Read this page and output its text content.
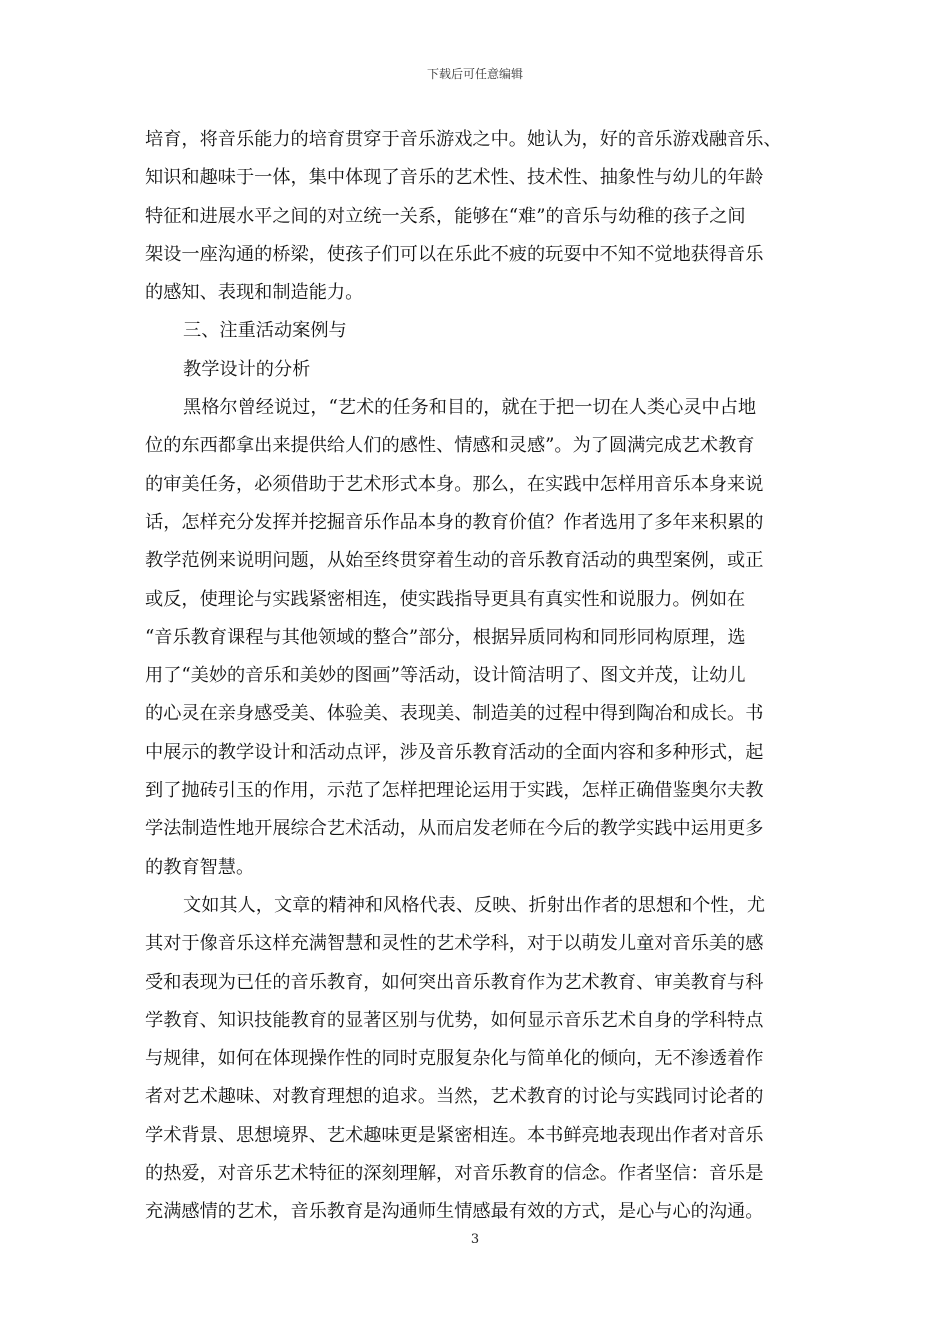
下载后可任意编辑
培育，将音乐能力的培育贯穿于音乐游戏之中。她认为，好的音乐游戏融音乐、
知识和趣味于一体，集中体现了音乐的艺术性、技术性、抽象性与幼儿的年龄
特征和进展水平之间的对立统一关系，能够在“难”的音乐与幼稚的孩子之间
架设一座沟通的桥梁，使孩子们可以在乐此不疲的玩耍中不知不觉地获得音乐
的感知、表现和制造能力。
三、注重活动案例与
教学设计的分析
黑格尔曾经说过，“艺术的任务和目的，就在于把一切在人类心灵中占地
位的东西都拿出来提供给人们的感性、情感和灵感”。为了圆满完成艺术教育
的审美任务，必须借助于艺术形式本身。那么，在实践中怎样用音乐本身来说
话，怎样充分发挥并挖掘音乐作品本身的教育价值？作者选用了多年来积累的
教学范例来说明问题，从始至终贯穿着生动的音乐教育活动的典型案例，或正
或反，使理论与实践紧密相连，使实践指导更具有真实性和说服力。例如在
“音乐教育课程与其他领域的整合”部分，根据异质同构和同形同构原理，选
用了“美妙的音乐和美妙的图画”等活动，设计简洁明了、图文并茂，让幼儿
的心灵在亲身感受美、体验美、表现美、制造美的过程中得到陶冶和成长。书
中展示的教学设计和活动点评，涉及音乐教育活动的全面内容和多种形式，起
到了抛砖引玉的作用，示范了怎样把理论运用于实践，怎样正确借鉴奥尔夫教
学法制造性地开展综合艺术活动，从而启发老师在今后的教学实践中运用更多
的教育智慧。
文如其人，文章的精神和风格代表、反映、折射出作者的思想和个性，尤
其对于像音乐这样充满智慧和灵性的艺术学科，对于以萌发儿童对音乐美的感
受和表现为已任的音乐教育，如何突出音乐教育作为艺术教育、审美教育与科
学教育、知识技能教育的显著区别与优势，如何显示音乐艺术自身的学科特点
与规律，如何在体现操作性的同时克服复杂化与简单化的倾向，无不渗透着作
者对艺术趣味、对教育理想的追求。当然，艺术教育的讨论与实践同讨论者的
学术背景、思想境界、艺术趣味更是紧密相连。本书鲜亮地表现出作者对音乐
的热爱，对音乐艺术特征的深刻理解，对音乐教育的信念。作者坚信：音乐是
充满感情的艺术，音乐教育是沟通师生情感最有效的方式，是心与心的沟通。
3
